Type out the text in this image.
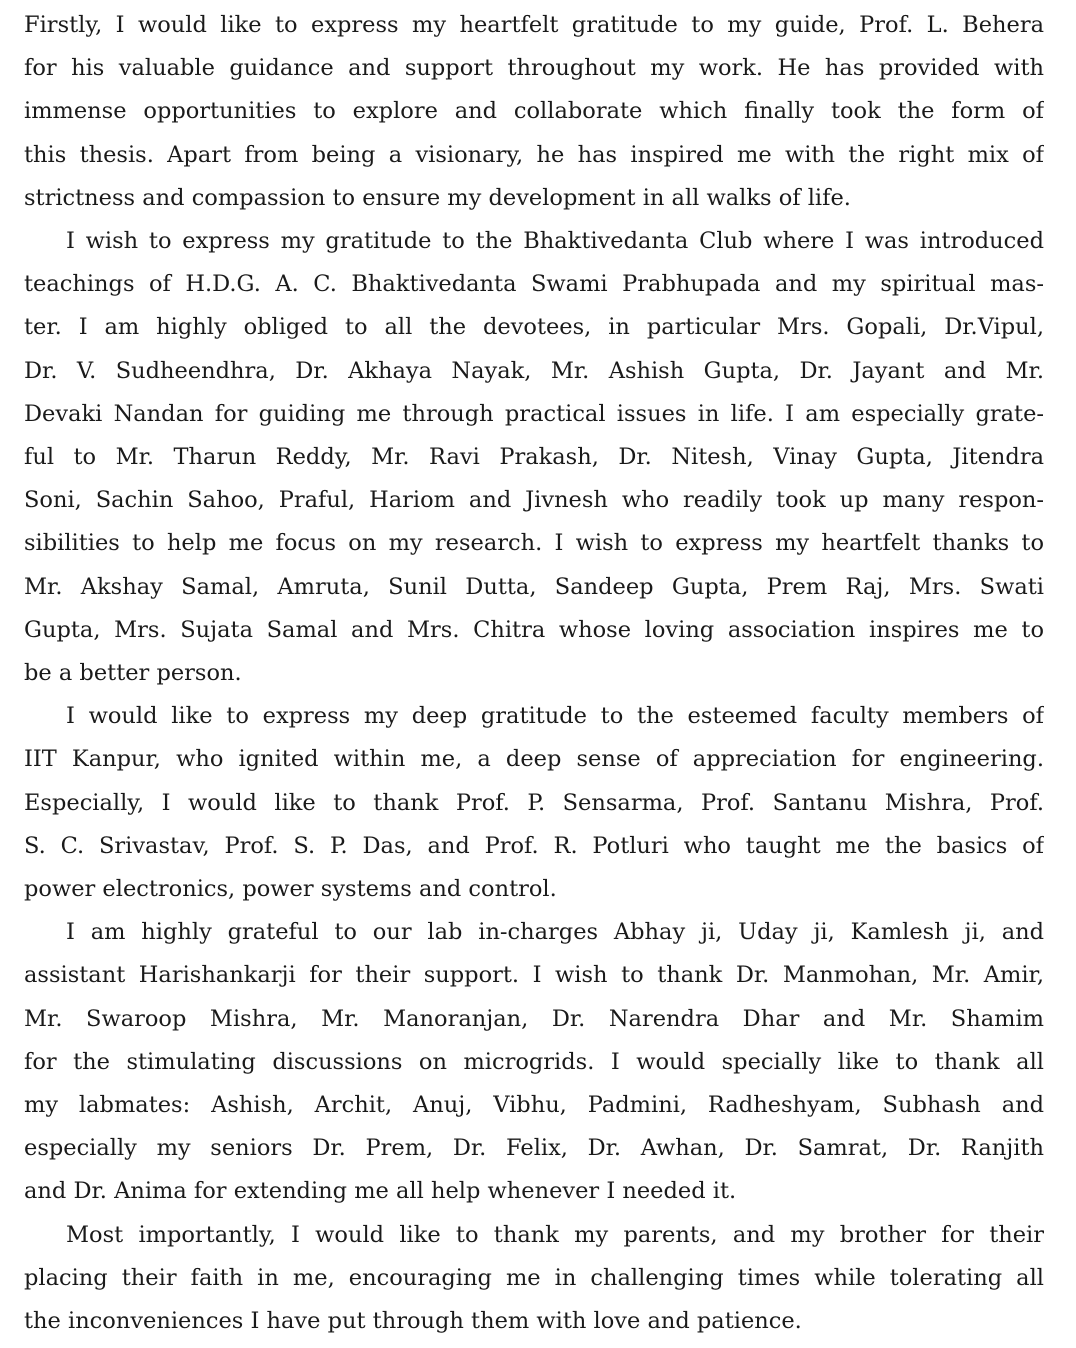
Firstly, I would like to express my heartfelt gratitude to my guide, Prof. L. Behera
for his valuable guidance and support throughout my work. He has provided with
immense opportunities to explore and collaborate which finally took the form of
this thesis. Apart from being a visionary, he has inspired me with the right mix of
strictness and compassion to ensure my development in all walks of life.

I wish to express my gratitude to the Bhaktivedanta Club where I was introduced
teachings of H.D.G. A. C. Bhaktivedanta Swami Prabhupada and my spiritual mas-
ter. I am highly obliged to all the devotees, in particular Mrs. Gopali, Dr.Vipul,
Dr. V. Sudheendhra, Dr. Akhaya Nayak, Mr. Ashish Gupta, Dr. Jayant and Mr.
Devaki Nandan for guiding me through practical issues in life. I am especially grate-
ful to Mr. Tharun Reddy, Mr. Ravi Prakash, Dr. Nitesh, Vinay Gupta, Jitendra
Soni, Sachin Sahoo, Praful, Hariom and Jivnesh who readily took up many respon-
sibilities to help me focus on my research. I wish to express my heartfelt thanks to
Mr. Akshay Samal, Amruta, Sunil Dutta, Sandeep Gupta, Prem Raj, Mrs. Swati
Gupta, Mrs. Sujata Samal and Mrs. Chitra whose loving association inspires me to
be a better person.

I would like to express my deep gratitude to the esteemed faculty members of
IIT Kanpur, who ignited within me, a deep sense of appreciation for engineering.
Especially, I would like to thank Prof. P. Sensarma, Prof. Santanu Mishra, Prof.
S. C. Srivastav, Prof. S. P. Das, and Prof. R. Potluri who taught me the basics of
power electronics, power systems and control.

I am highly grateful to our lab in-charges Abhay ji, Uday ji, Kamlesh ji, and
assistant Harishankarji for their support. I wish to thank Dr. Manmohan, Mr. Amir,
Mr. Swaroop Mishra, Mr. Manoranjan, Dr. Narendra Dhar and Mr. Shamim
for the stimulating discussions on microgrids. I would specially like to thank all
my labmates: Ashish, Archit, Anuj, Vibhu, Padmini, Radheshyam, Subhash and
especially my seniors Dr. Prem, Dr. Felix, Dr. Awhan, Dr. Samrat, Dr. Ranjith
and Dr. Anima for extending me all help whenever I needed it.

Most importantly, I would like to thank my parents, and my brother for their
placing their faith in me, encouraging me in challenging times while tolerating all
the inconveniences I have put through them with love and patience.
